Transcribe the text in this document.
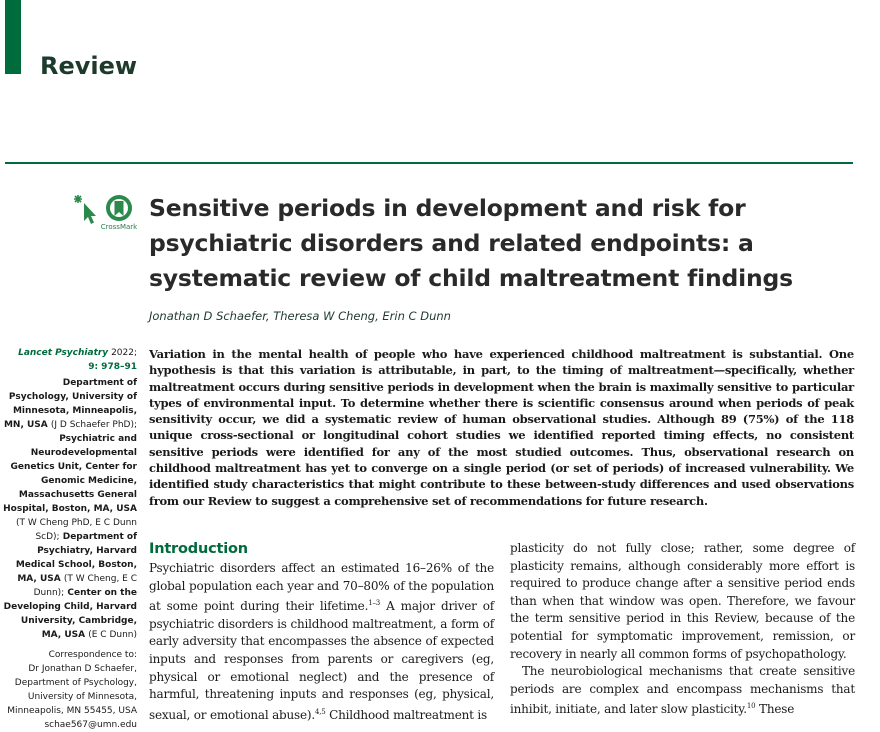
Review
CrossMark
Sensitive periods in development and risk for psychiatric disorders and related endpoints: a systematic review of child maltreatment findings
Jonathan D Schaefer, Theresa W Cheng, Erin C Dunn
Lancet Psychiatry 2022;
9: 978–91
Department of Psychology, University of Minnesota, Minneapolis, MN, USA (J D Schaefer PhD); Psychiatric and Neurodevelopmental Genetics Unit, Center for Genomic Medicine, Massachusetts General Hospital, Boston, MA, USA (T W Cheng PhD, E C Dunn ScD); Department of Psychiatry, Harvard Medical School, Boston, MA, USA (T W Cheng, E C Dunn); Center on the Developing Child, Harvard University, Cambridge, MA, USA (E C Dunn)
Correspondence to:
Dr Jonathan D Schaefer,
Department of Psychology, University of Minnesota, Minneapolis, MN 55455, USA
schae567@umn.edu

Variation in the mental health of people who have experienced childhood maltreatment is substantial. One hypothesis is that this variation is attributable, in part, to the timing of maltreatment—specifically, whether maltreatment occurs during sensitive periods in development when the brain is maximally sensitive to particular types of environmental input. To determine whether there is scientific consensus around when periods of peak sensitivity occur, we did a systematic review of human observational studies. Although 89 (75%) of the 118 unique cross-sectional or longitudinal cohort studies we identified reported timing effects, no consistent sensitive periods were identified for any of the most studied outcomes. Thus, observational research on childhood maltreatment has yet to converge on a single period (or set of periods) of increased vulnerability. We identified study characteristics that might contribute to these between-study differences and used observations from our Review to suggest a comprehensive set of recommendations for future research.

Introduction

Psychiatric disorders affect an estimated 16–26% of the global population each year and 70–80% of the population at some point during their lifetime.$^{1-3}$ A major driver of psychiatric disorders is childhood maltreatment, a form of early adversity that encompasses the absence of expected inputs and responses from parents or caregivers (eg, physical or emotional neglect) and the presence of harmful, threatening inputs and responses (eg, physical, sexual, or emotional abuse).$^{4,5}$ Childhood maltreatment is

plasticity do not fully close; rather, some degree of plasticity remains, although considerably more effort is required to produce change after a sensitive period ends than when that window was open. Therefore, we favour the term sensitive period in this Review, because of the potential for symptomatic improvement, remission, or recovery in nearly all common forms of psychopathology.

The neurobiological mechanisms that create sensitive periods are complex and encompass mechanisms that inhibit, initiate, and later slow plasticity.$^{10}$ These
